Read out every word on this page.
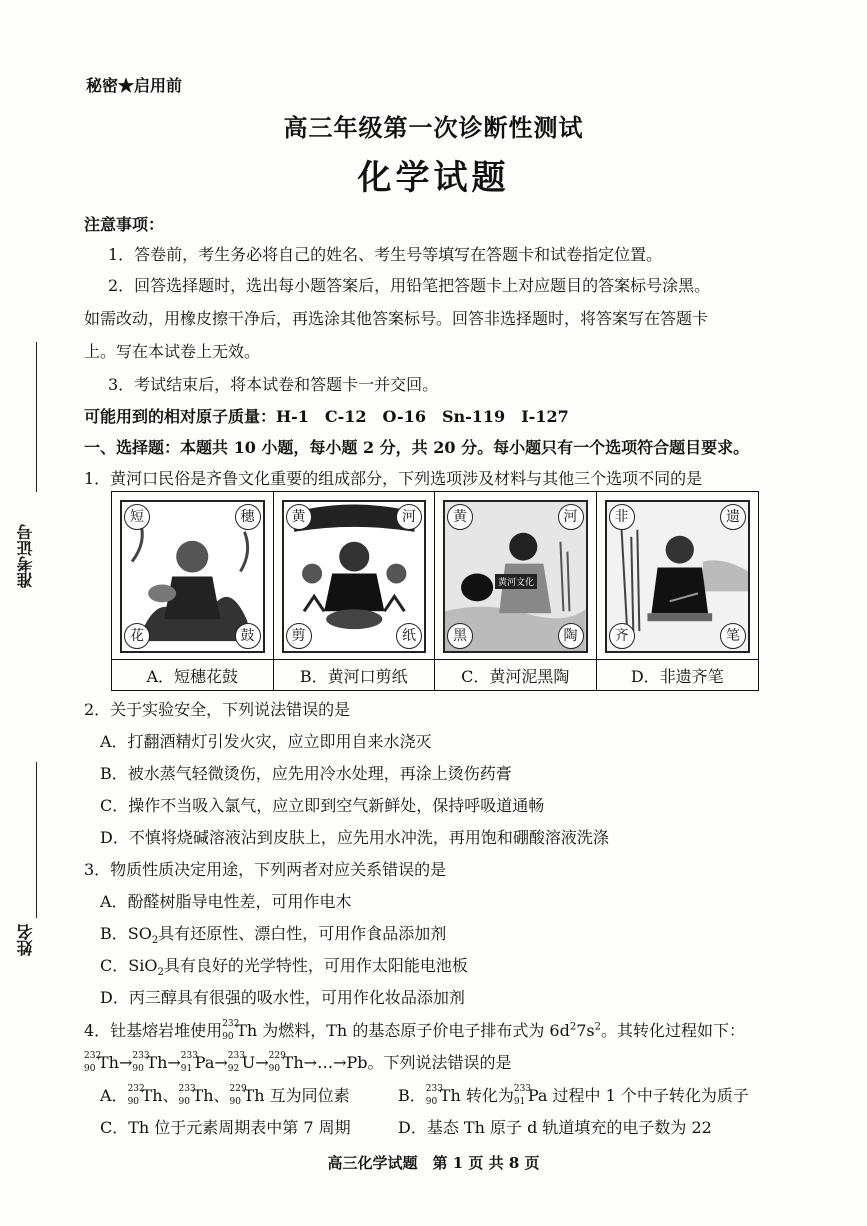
秘密★启用前
高三年级第一次诊断性测试
化学试题
准考证号
姓名
注意事项：
1．答卷前，考生务必将自己的姓名、考生号等填写在答题卡和试卷指定位置。
2．回答选择题时，选出每小题答案后，用铅笔把答题卡上对应题目的答案标号涂黑。
如需改动，用橡皮擦干净后，再选涂其他答案标号。回答非选择题时，将答案写在答题卡
上。写在本试卷上无效。
3．考试结束后，将本试卷和答题卡一并交回。
可能用到的相对原子质量：H-1　C-12　O-16　Sn-119　I-127
一、选择题：本题共 10 小题，每小题 2 分，共 20 分。每小题只有一个选项符合题目要求。
1．黄河口民俗是齐鲁文化重要的组成部分，下列选项涉及材料与其他三个选项不同的是
短	穗
花	鼓
黄	河
剪	纸
黄河文化
黄	河
黑	陶
非	遗
齐	笔
A．短穗花鼓	B．黄河口剪纸	C．黄河泥黑陶	D．非遗齐笔
2．关于实验安全，下列说法错误的是
A．打翻酒精灯引发火灾，应立即用自来水浇灭
B．被水蒸气轻微烫伤，应先用冷水处理，再涂上烫伤药膏
C．操作不当吸入氯气，应立即到空气新鲜处，保持呼吸道通畅
D．不慎将烧碱溶液沾到皮肤上，应先用水冲洗，再用饱和硼酸溶液洗涤
3．物质性质决定用途，下列两者对应关系错误的是
A．酚醛树脂导电性差，可用作电木
B．$SO_2$具有还原性、漂白性，可用作食品添加剂
C．SiO$_2$具有良好的光学特性，可用作太阳能电池板
D．丙三醇具有很强的吸水性，可用作化妆品添加剂
4．钍基熔岩堆使用 232
90 Th 为燃料，Th 的基态原子价电子排布式为 $6d^27s^2$。其转化过程如下：
232
90 Th→ 233
90 Th→ 233
91 Pa→ 233
92 U→ 229
90 Th→…→Pb。下列说法错误的是
A． 232
90 Th、 233
90 Th、 229
90 Th 互为同位素	B． 233
90 Th 转化为 233
91 Pa 过程中 1 个中子转化为质子
C．Th 位于元素周期表中第 7 周期	D．基态 Th 原子 d 轨道填充的电子数为 22
高三化学试题　第 1 页 共 8 页
